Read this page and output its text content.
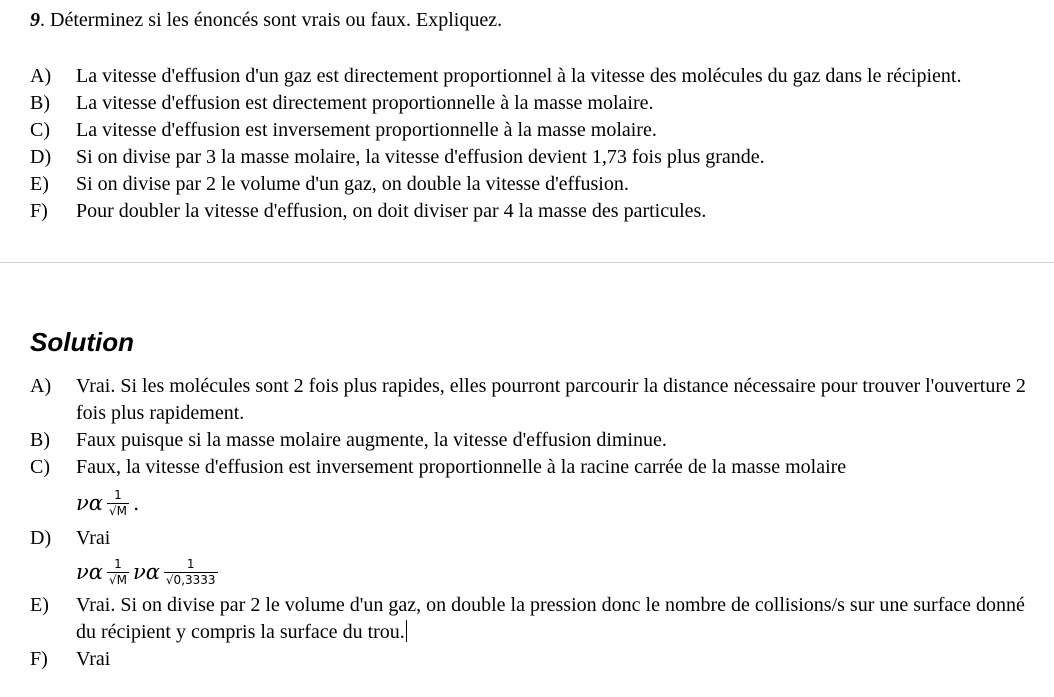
9. Déterminez si les énoncés sont vrais ou faux. Expliquez.
A)	La vitesse d'effusion d'un gaz est directement proportionnel à la vitesse des molécules du gaz dans le récipient.
B)	La vitesse d'effusion est directement proportionnelle à la masse molaire.
C)	La vitesse d'effusion est inversement proportionnelle à la masse molaire.
D)	Si on divise par 3 la masse molaire, la vitesse d'effusion devient 1,73 fois plus grande.
E)	Si on divise par 2 le volume d'un gaz, on double la vitesse d'effusion.
F)	Pour doubler la vitesse d'effusion, on doit diviser par 4 la masse des particules.
Solution
A)	Vrai. Si les molécules sont 2 fois plus rapides, elles pourront parcourir la distance nécessaire pour trouver l'ouverture 2 fois plus rapidement.
B)	Faux puisque si la masse molaire augmente, la vitesse d'effusion diminue.
C)	Faux, la vitesse d'effusion est inversement proportionnelle à la racine carrée de la masse molaire
να $\frac{1}{√M}$ .
D)	Vrai
να $\frac{1}{√M}$ να $\frac{1}{√0,3333}$
E)	Vrai. Si on divise par 2 le volume d'un gaz, on double la pression donc le nombre de collisions/s sur une surface donné du récipient y compris la surface du trou.
F)	Vrai
